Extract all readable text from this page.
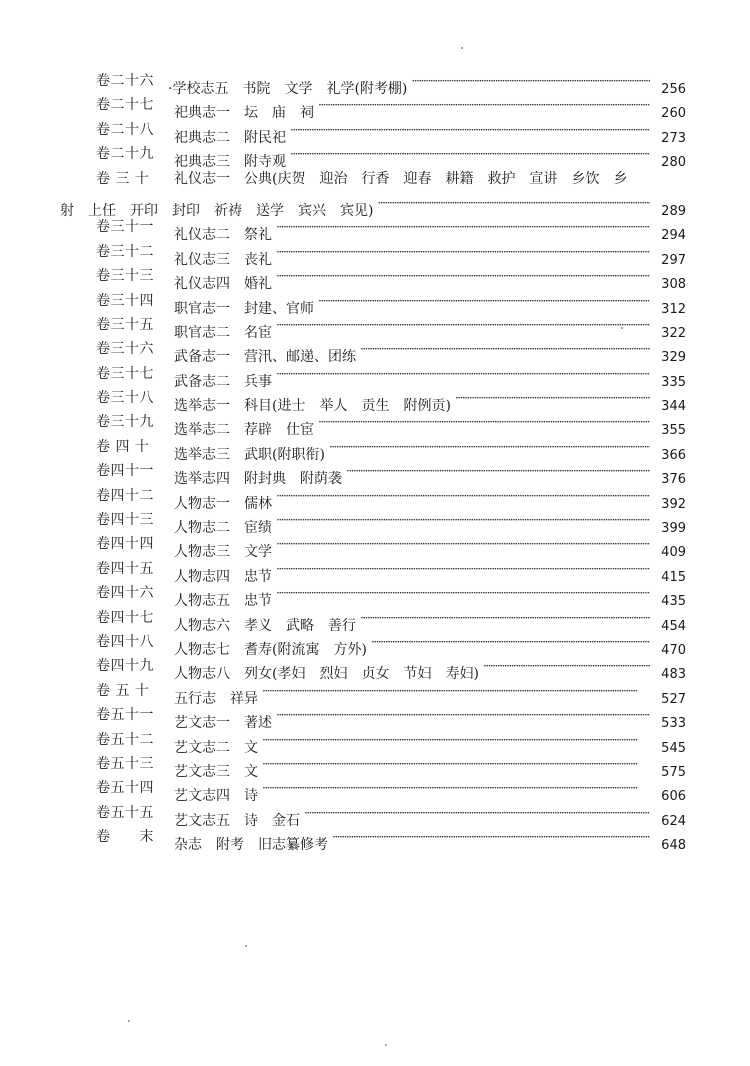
卷二十六 ·学校志五　书院　文学　礼学(附考棚) ·····	256
卷二十七 祀典志一　坛　庙　祠 ·····	260
卷二十八 祀典志二　附民祀 ·····	273
卷二十九 祀典志三　附寺观 ·····	280
卷 三 十 礼仪志一　公典(庆贺　迎治　行香　迎春　耕籍　救护　宣讲　乡饮　乡
射　上任　开印　封印　祈祷　送学　宾兴　宾见) ·····	289
卷三十一 礼仪志二　祭礼 ·····	294
卷三十二 礼仪志三　丧礼 ·····	297
卷三十三 礼仪志四　婚礼 ·····	308
卷三十四 职官志一　封建、官师 ·····	312
卷三十五 职官志二　名宦 ·····	322
卷三十六 武备志一　营汛、邮递、团练 ·····	329
卷三十七 武备志二　兵事 ·····	335
卷三十八 选举志一　科目(进士　举人　贡生　附例贡) ·····	344
卷三十九 选举志二　荐辟　仕宦 ·····	355
卷 四 十 选举志三　武职(附职衔) ·····	366
卷四十一 选举志四　附封典　附荫袭 ·····	376
卷四十二 人物志一　儒林 ·····	392
卷四十三 人物志二　宦绩 ·····	399
卷四十四 人物志三　文学 ·····	409
卷四十五 人物志四　忠节 ·····	415
卷四十六 人物志五　忠节 ·····	435
卷四十七 人物志六　孝义　武略　善行 ·····	454
卷四十八 人物志七　耆寿(附流寓　方外) ·····	470
卷四十九 人物志八　列女(孝妇　烈妇　贞女　节妇　寿妇) ·····	483
卷 五 十 五行志　祥异 ·····	527
卷五十一 艺文志一　著述 ·····	533
卷五十二 艺文志二　文 ·····	545
卷五十三 艺文志三　文 ·····	575
卷五十四 艺文志四　诗 ·····	606
卷五十五 艺文志五　诗　金石 ·····	624
卷　　末 杂志　附考　旧志纂修考 ·····	648
